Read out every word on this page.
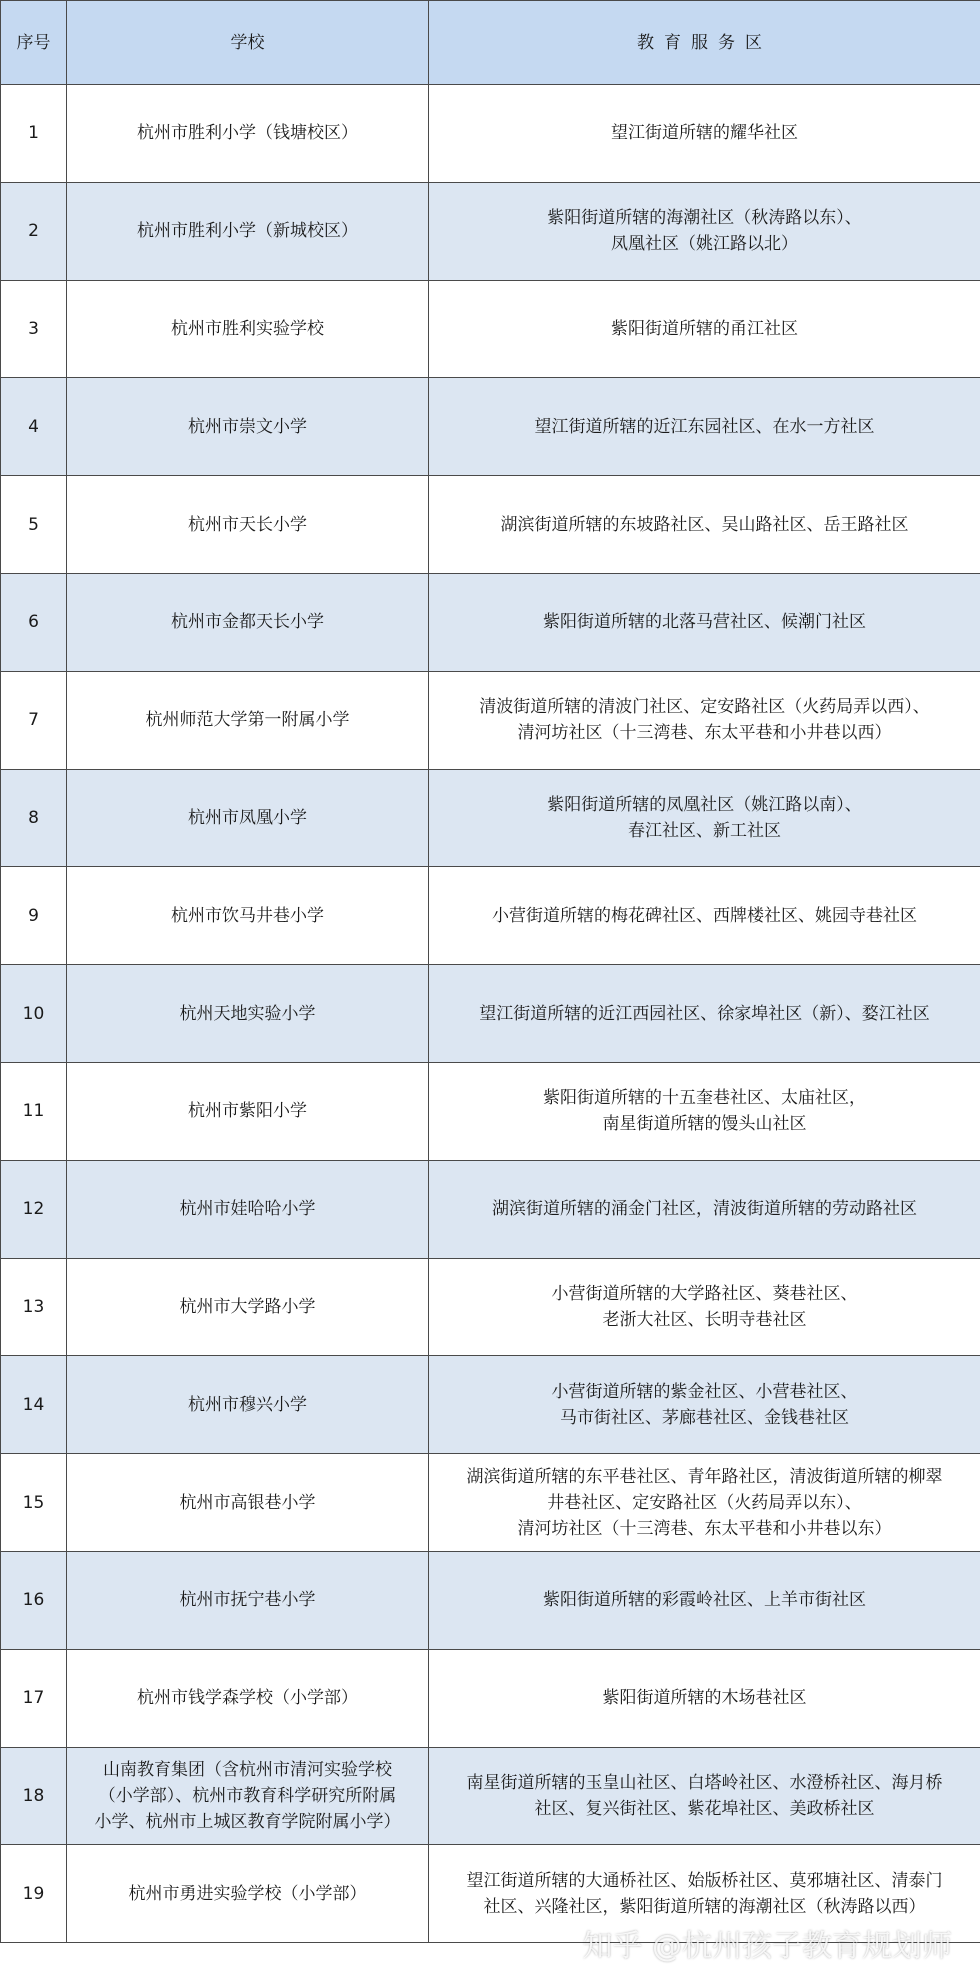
序号	学校	教育服务区
1	杭州市胜利小学（钱塘校区）	望江街道所辖的耀华社区

2	杭州市胜利小学（新城校区）	紫阳街道所辖的海潮社区（秋涛路以东）、
凤凰社区（姚江路以北）

3	杭州市胜利实验学校	紫阳街道所辖的甬江社区

4	杭州市崇文小学	望江街道所辖的近江东园社区、在水一方社区

5	杭州市天长小学	湖滨街道所辖的东坡路社区、吴山路社区、岳王路社区

6	杭州市金都天长小学	紫阳街道所辖的北落马营社区、候潮门社区

7	杭州师范大学第一附属小学	清波街道所辖的清波门社区、定安路社区（火药局弄以西）、
清河坊社区（十三湾巷、东太平巷和小井巷以西）

8	杭州市凤凰小学	紫阳街道所辖的凤凰社区（姚江路以南）、
春江社区、新工社区

9	杭州市饮马井巷小学	小营街道所辖的梅花碑社区、西牌楼社区、姚园寺巷社区

10	杭州天地实验小学	望江街道所辖的近江西园社区、徐家埠社区（新）、婺江社区

11	杭州市紫阳小学	紫阳街道所辖的十五奎巷社区、太庙社区，
南星街道所辖的馒头山社区

12	杭州市娃哈哈小学	湖滨街道所辖的涌金门社区，清波街道所辖的劳动路社区

13	杭州市大学路小学	小营街道所辖的大学路社区、葵巷社区、
老浙大社区、长明寺巷社区

14	杭州市穆兴小学	小营街道所辖的紫金社区、小营巷社区、
马市街社区、茅廊巷社区、金钱巷社区

15	杭州市高银巷小学	湖滨街道所辖的东平巷社区、青年路社区，清波街道所辖的柳翠
井巷社区、定安路社区（火药局弄以东）、
清河坊社区（十三湾巷、东太平巷和小井巷以东）

16	杭州市抚宁巷小学	紫阳街道所辖的彩霞岭社区、上羊市街社区

17	杭州市钱学森学校（小学部）	紫阳街道所辖的木场巷社区

18	山南教育集团（含杭州市清河实验学校
（小学部）、杭州市教育科学研究所附属
小学、杭州市上城区教育学院附属小学）	南星街道所辖的玉皇山社区、白塔岭社区、水澄桥社区、海月桥
社区、复兴街社区、紫花埠社区、美政桥社区

19	杭州市勇进实验学校（小学部）	望江街道所辖的大通桥社区、始版桥社区、莫邪塘社区、清泰门
社区、兴隆社区，紫阳街道所辖的海潮社区（秋涛路以西）
知乎 @杭州孩子教育规划师
